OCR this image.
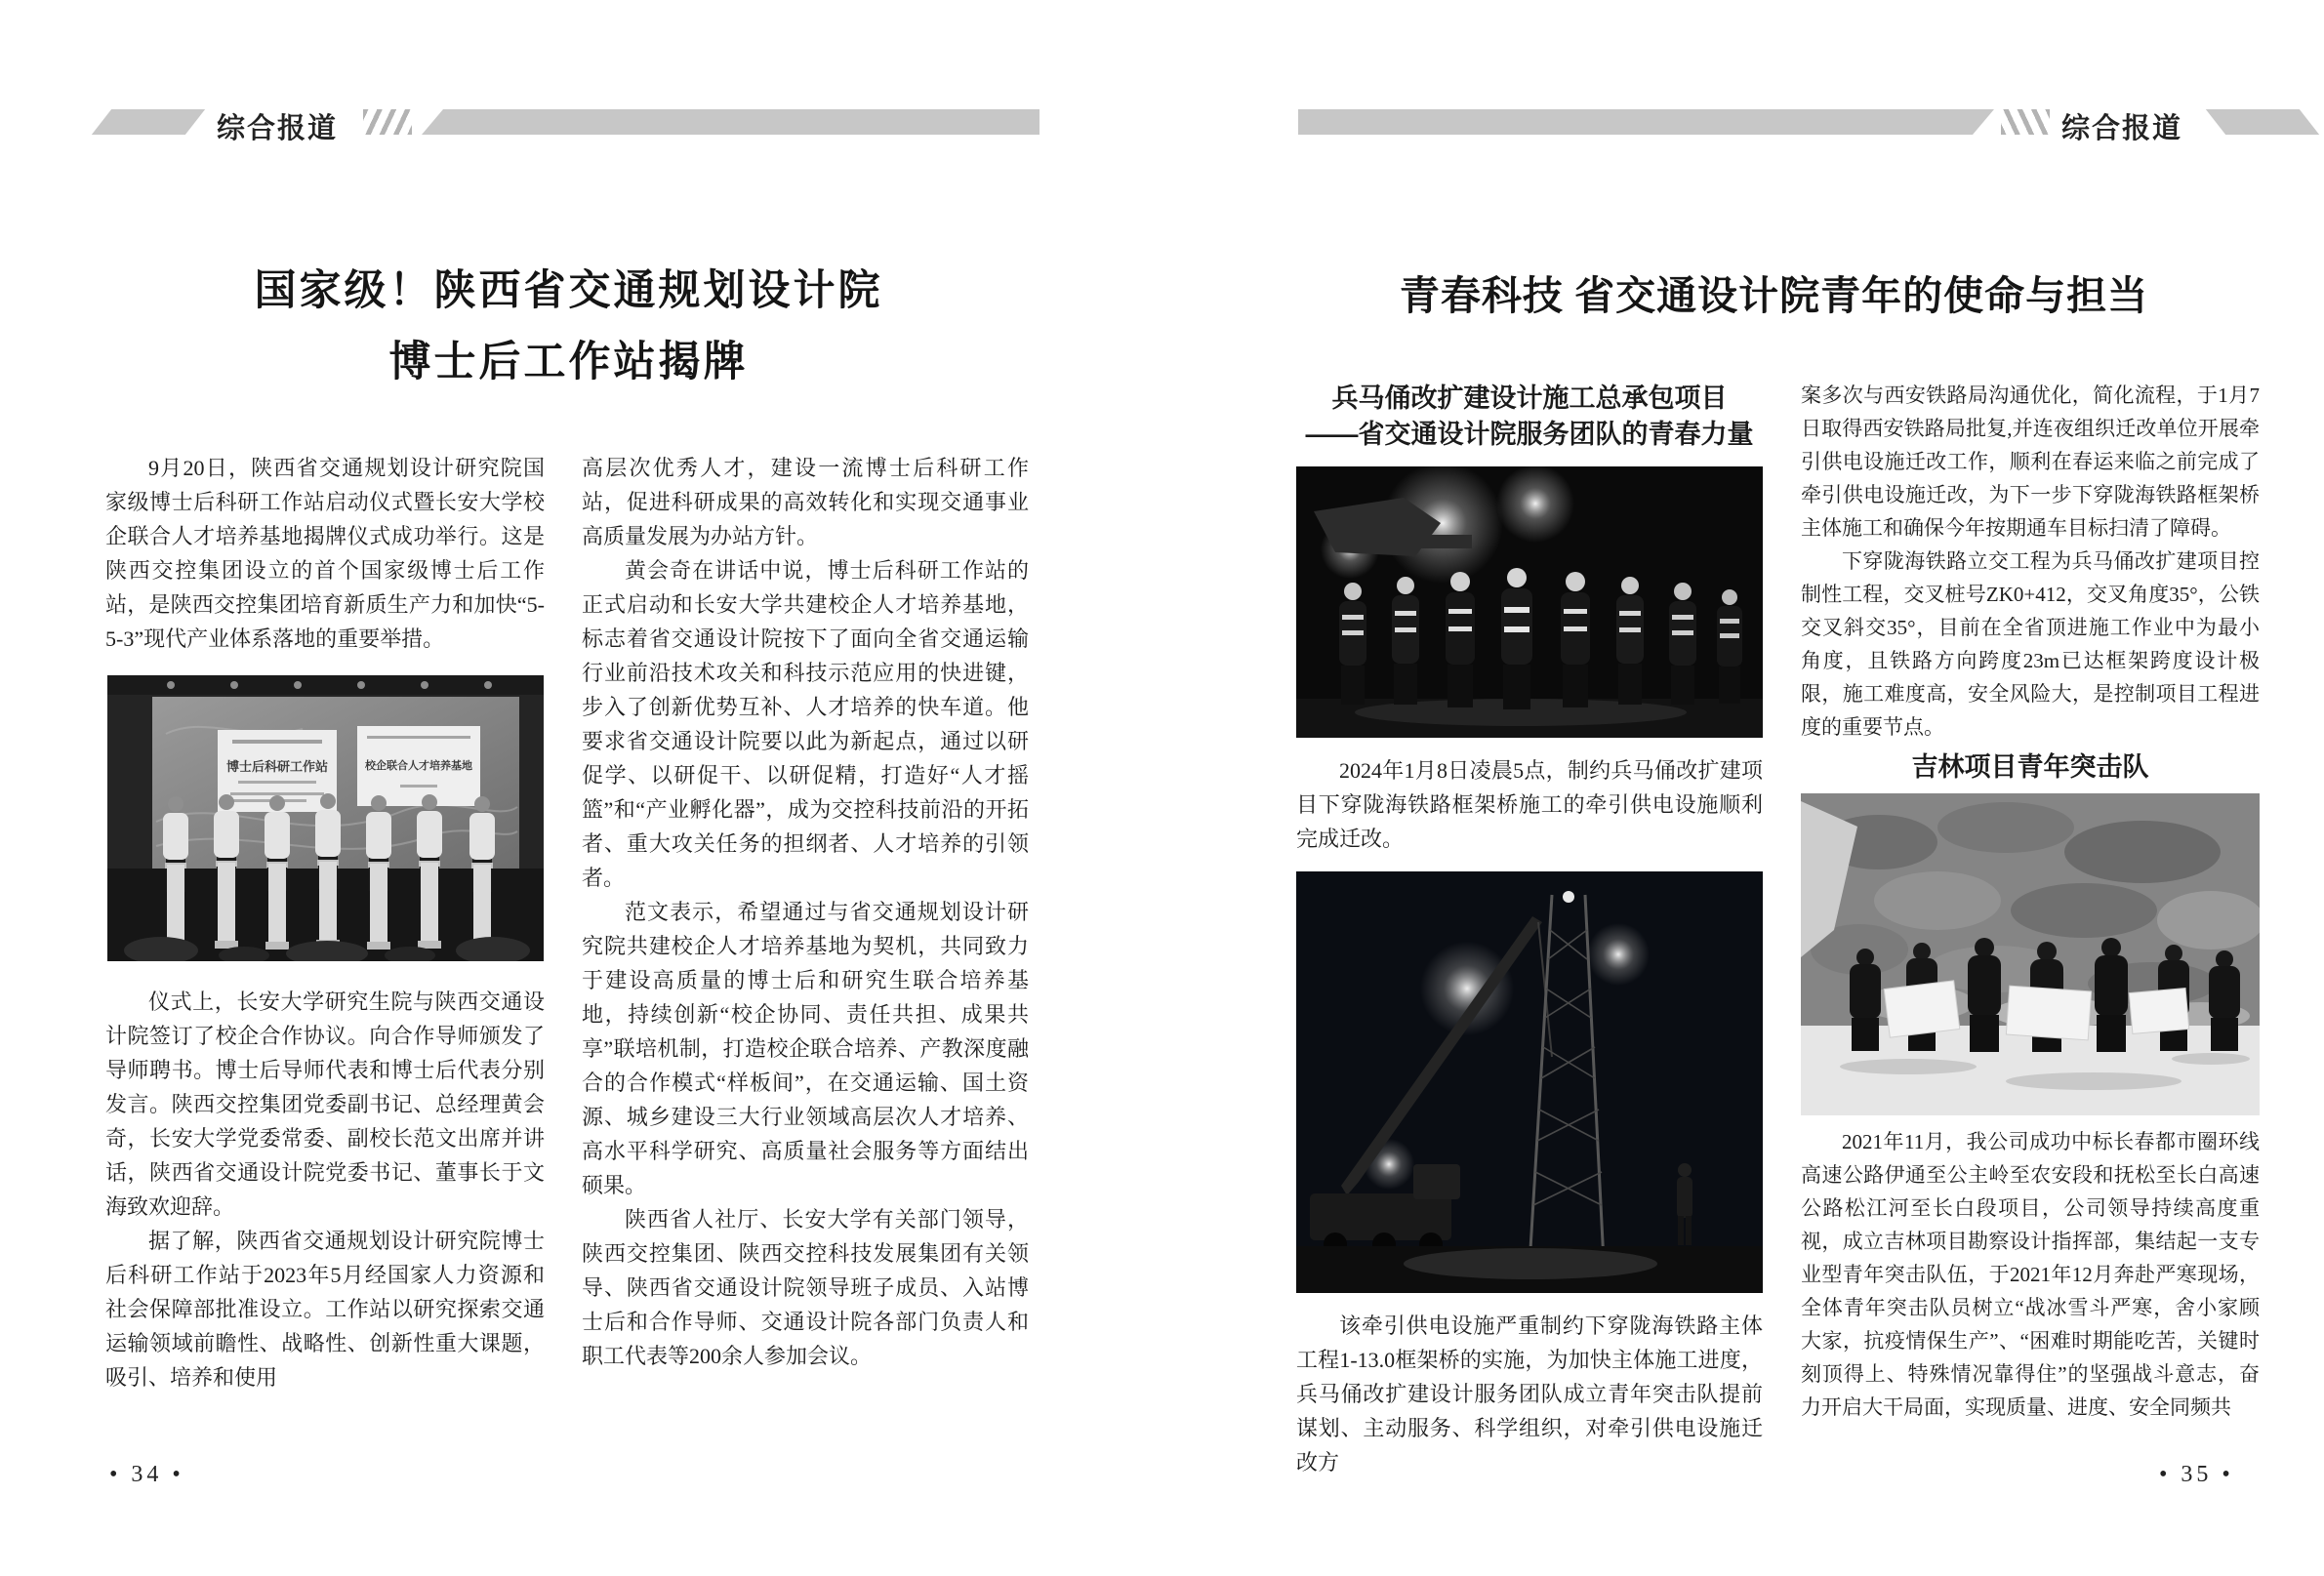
综合报道
国家级！陕西省交通规划设计院
博士后工作站揭牌

9月20日，陕西省交通规划设计研究院国家级博士后科研工作站启动仪式暨长安大学校企联合人才培养基地揭牌仪式成功举行。这是陕西交控集团设立的首个国家级博士后工作站，是陕西交控集团培育新质生产力和加快“5-5-3”现代产业体系落地的重要举措。

博士后科研工作站	校企联合人才培养基地

仪式上，长安大学研究生院与陕西交通设计院签订了校企合作协议。向合作导师颁发了导师聘书。博士后导师代表和博士后代表分别发言。陕西交控集团党委副书记、总经理黄会奇，长安大学党委常委、副校长范文出席并讲话，陕西省交通设计院党委书记、董事长于文海致欢迎辞。

据了解，陕西省交通规划设计研究院博士后科研工作站于2023年5月经国家人力资源和社会保障部批准设立。工作站以研究探索交通运输领域前瞻性、战略性、创新性重大课题，吸引、培养和使用

高层次优秀人才，建设一流博士后科研工作站，促进科研成果的高效转化和实现交通事业高质量发展为办站方针。

黄会奇在讲话中说，博士后科研工作站的正式启动和长安大学共建校企人才培养基地，标志着省交通设计院按下了面向全省交通运输行业前沿技术攻关和科技示范应用的快进键，步入了创新优势互补、人才培养的快车道。他要求省交通设计院要以此为新起点，通过以研促学、以研促干、以研促精，打造好“人才摇篮”和“产业孵化器”，成为交控科技前沿的开拓者、重大攻关任务的担纲者、人才培养的引领者。

范文表示，希望通过与省交通规划设计研究院共建校企人才培养基地为契机，共同致力于建设高质量的博士后和研究生联合培养基地，持续创新“校企协同、责任共担、成果共享”联培机制，打造校企联合培养、产教深度融合的合作模式“样板间”，在交通运输、国土资源、城乡建设三大行业领域高层次人才培养、高水平科学研究、高质量社会服务等方面结出硕果。

陕西省人社厅、长安大学有关部门领导，陕西交控集团、陕西交控科技发展集团有关领导、陕西省交通设计院领导班子成员、入站博士后和合作导师、交通设计院各部门负责人和职工代表等200余人参加会议。

• 34 •
综合报道
青春科技 省交通设计院青年的使命与担当

兵马俑改扩建设计施工总承包项目

——省交通设计院服务团队的青春力量

2024年1月8日凌晨5点，制约兵马俑改扩建项目下穿陇海铁路框架桥施工的牵引供电设施顺利完成迁改。

该牵引供电设施严重制约下穿陇海铁路主体工程1-13.0框架桥的实施，为加快主体施工进度，兵马俑改扩建设计服务团队成立青年突击队提前谋划、主动服务、科学组织，对牵引供电设施迁改方

案多次与西安铁路局沟通优化，简化流程，于1月7日取得西安铁路局批复,并连夜组织迁改单位开展牵引供电设施迁改工作，顺利在春运来临之前完成了牵引供电设施迁改，为下一步下穿陇海铁路框架桥主体施工和确保今年按期通车目标扫清了障碍。

下穿陇海铁路立交工程为兵马俑改扩建项目控制性工程，交叉桩号ZK0+412，交叉角度35°，公铁交叉斜交35°，目前在全省顶进施工作业中为最小角度，且铁路方向跨度23m已达框架跨度设计极限，施工难度高，安全风险大，是控制项目工程进度的重要节点。

吉林项目青年突击队

2021年11月，我公司成功中标长春都市圈环线高速公路伊通至公主岭至农安段和抚松至长白高速公路松江河至长白段项目，公司领导持续高度重视，成立吉林项目勘察设计指挥部，集结起一支专业型青年突击队伍，于2021年12月奔赴严寒现场，全体青年突击队员树立“战冰雪斗严寒，舍小家顾大家，抗疫情保生产”、“困难时期能吃苦，关键时刻顶得上、特殊情况靠得住”的坚强战斗意志，奋力开启大干局面，实现质量、进度、安全同频共

• 35 •
